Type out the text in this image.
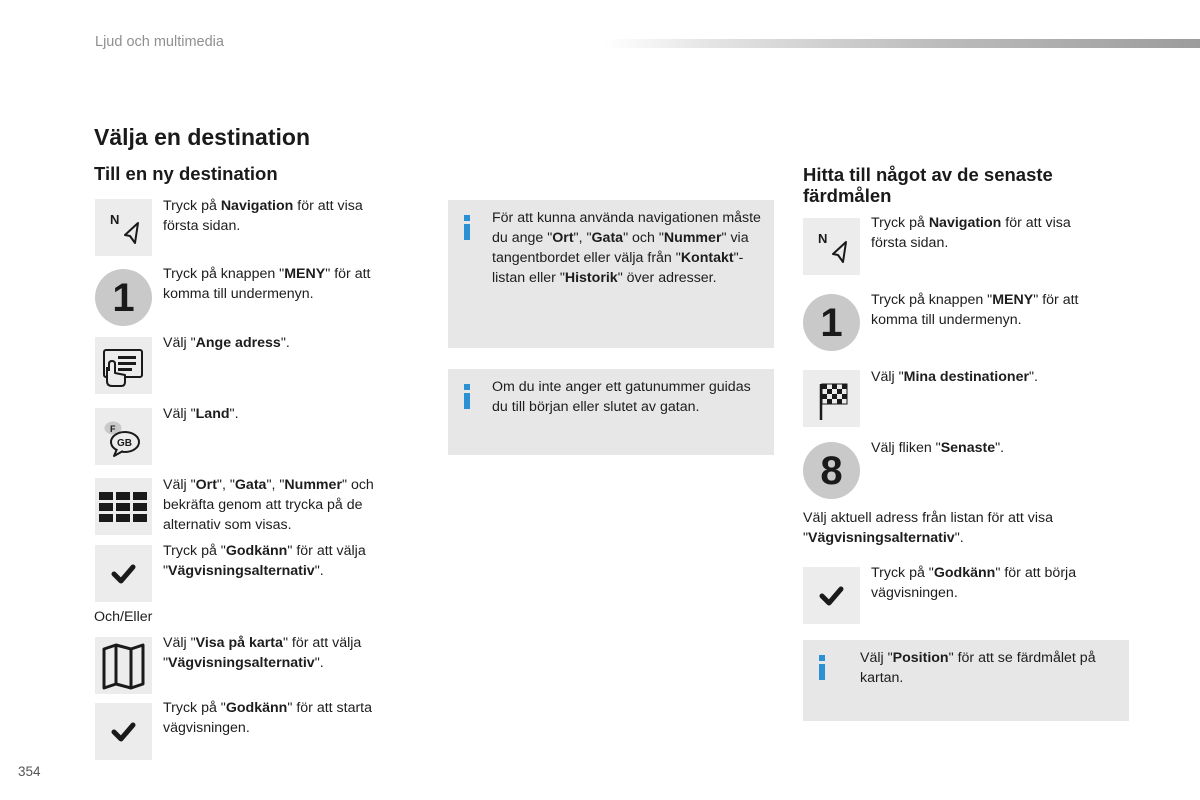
Ljud och multimedia
Välja en destination
Till en ny destination
N
Tryck på Navigation för att visa första sidan.
1
Tryck på knappen "MENY" för att komma till undermenyn.
Välj "Ange adress".
F
GB
Välj "Land".
Välj "Ort", "Gata", "Nummer" och bekräfta genom att trycka på de alternativ som visas.
Tryck på "Godkänn" för att välja "Vägvisningsalternativ".
Och/Eller
Välj "Visa på karta" för att välja "Vägvisningsalternativ".
Tryck på "Godkänn" för att starta vägvisningen.
För att kunna använda navigationen måste du ange "Ort", "Gata" och "Nummer" via tangentbordet eller välja från "Kontakt"-listan eller "Historik" över adresser.
Om du inte anger ett gatunummer guidas du till början eller slutet av gatan.
Hitta till något av de senaste färdmålen
N
Tryck på Navigation för att visa första sidan.
1
Tryck på knappen "MENY" för att komma till undermenyn.
Välj "Mina destinationer".
8
Välj fliken "Senaste".
Välj aktuell adress från listan för att visa "Vägvisningsalternativ".
Tryck på "Godkänn" för att börja vägvisningen.
Välj "Position" för att se färdmålet på kartan.
354
